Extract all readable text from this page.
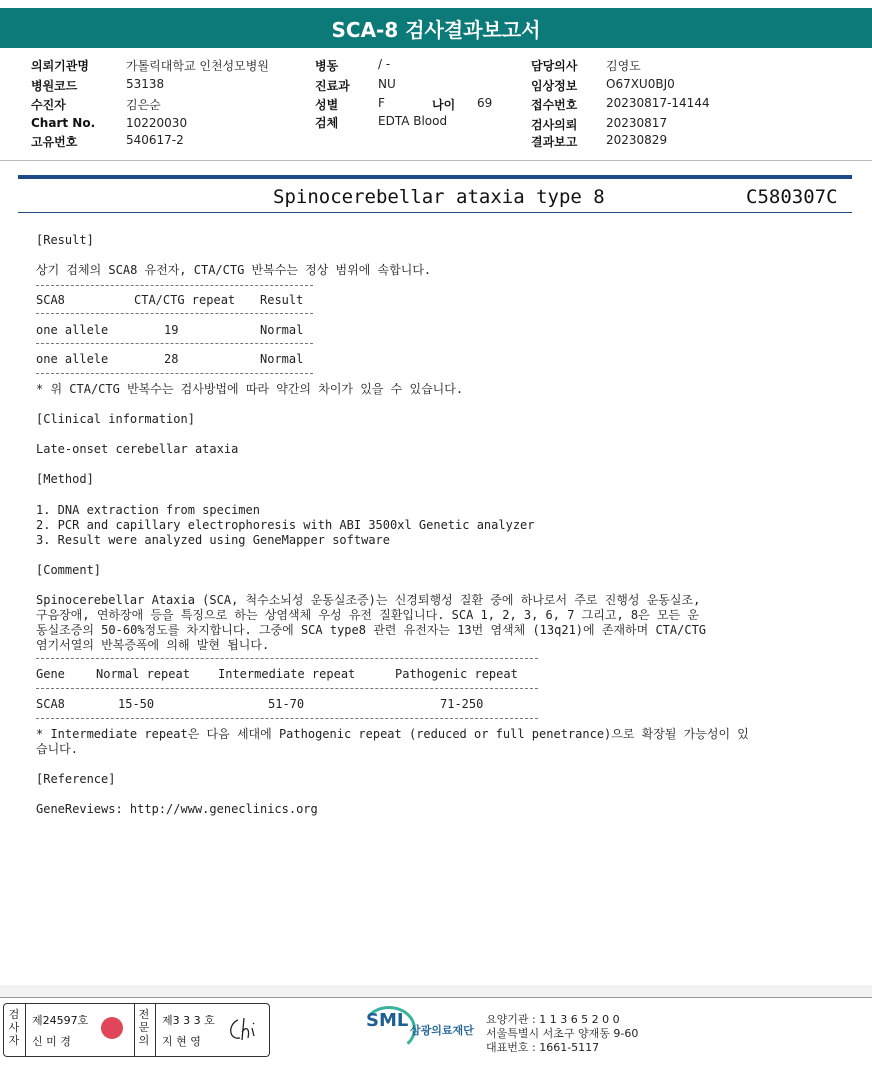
SCA-8 검사결과보고서
의뢰기관명	가톨릭대학교 인천성모병원
병원코드	53138
수진자	김은순
Chart No.	10220030
고유번호	540617-2
병동	/ -
진료과 NU
성별	F	나이 69
검체	EDTA Blood
담당의사 김영도
임상정보 O67XU0BJ0
접수번호 20230817-14144
검사의뢰 20230817
결과보고 20230829
Spinocerebellar ataxia type 8	C580307C
[Result]
상기 검체의 SCA8 유전자, CTA/CTG 반복수는 정상 범위에 속합니다.
SCA8	CTA/CTG repeat Result
one allele	19	Normal
one allele	28	Normal
* 위 CTA/CTG 반복수는 검사방법에 따라 약간의 차이가 있을 수 있습니다.
[Clinical information]
Late-onset cerebellar ataxia
[Method]
1. DNA extraction from specimen
2. PCR and capillary electrophoresis with ABI 3500xl Genetic analyzer
3. Result were analyzed using GeneMapper software
[Comment]
Spinocerebellar Ataxia (SCA, 척수소뇌성 운동실조증)는 신경퇴행성 질환 중에 하나로서 주로 진행성 운동실조,
구음장애, 연하장애 등을 특징으로 하는 상염색체 우성 유전 질환입니다. SCA 1, 2, 3, 6, 7 그리고, 8은 모든 운
동실조증의 50-60%정도를 차지합니다. 그중에 SCA type8 관련 유전자는 13번 염색체 (13q21)에 존재하며 CTA/CTG
염기서열의 반복증폭에 의해 발현 됩니다.
Gene	Normal repeat Intermediate repeat	Pathogenic repeat
SCA8	15-50	51-70	71-250
* Intermediate repeat은 다음 세대에 Pathogenic repeat (reduced or full penetrance)으로 확장될 가능성이 있
습니다.
[Reference]
GeneReviews: http://www.geneclinics.org
검사자
제24597호
신 미 경
전문의
제3 3 3 호
지 현 영
SML 삼광의료재단
요양기관 : 1 1 3 6 5 2 0 0
서울특별시 서초구 양재동 9-60
대표번호 : 1661-5117
